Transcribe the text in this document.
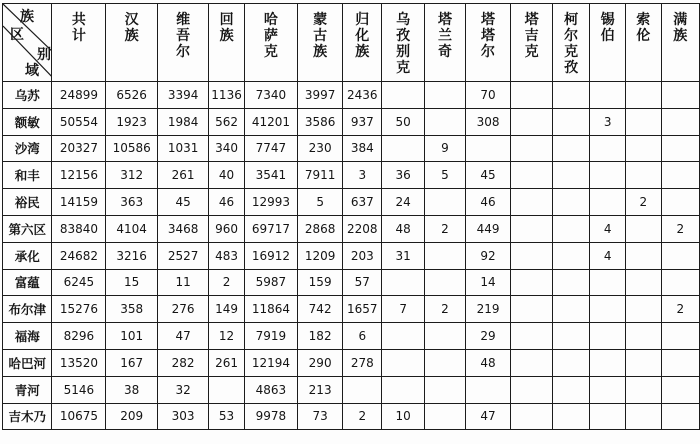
族
区
别
域	共计	汉族	维吾尔	回族	哈萨克	蒙古族	归化族	乌孜别克	塔兰奇	塔塔尔	塔吉克	柯尔克孜	锡伯	索伦	满族
乌苏	24899	6526	3394	1136	7340	3997	2436			70					
额敏	50554	1923	1984	562	41201	3586	937	50		308			3		
沙湾	20327	10586	1031	340	7747	230	384		9						
和丰	12156	312	261	40	3541	7911	3	36	5	45					
裕民	14159	363	45	46	12993	5	637	24		46				2	
第六区	83840	4104	3468	960	69717	2868	2208	48	2	449			4		2
承化	24682	3216	2527	483	16912	1209	203	31		92			4		
富蕴	6245	15	11	2	5987	159	57			14					
布尔津	15276	358	276	149	11864	742	1657	7	2	219					2
福海	8296	101	47	12	7919	182	6			29					
哈巴河	13520	167	282	261	12194	290	278			48					
青河	5146	38	32		4863	213									
吉木乃	10675	209	303	53	9978	73	2	10		47					
